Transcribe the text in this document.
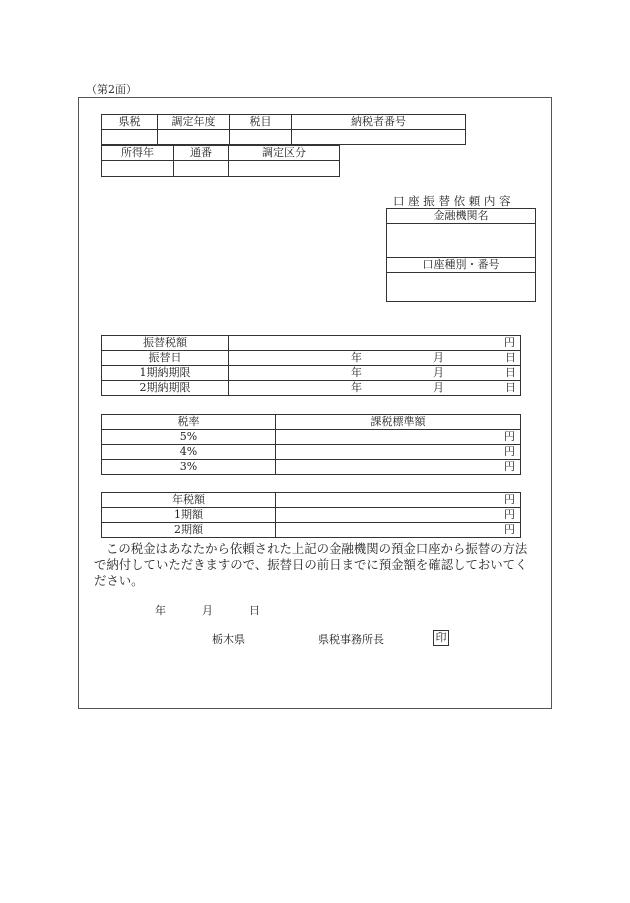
（第2面）
県税	調定年度	税目	納税者番号

所得年	通番	調定区分

口 座 振 替 依 頼 内 容
金融機関名

口座種別・番号

振替税額	円
振替日	年 月 日

1期納期限	年 月 日

2期納期限	年 月 日
税率	課税標準額
5%	円
4%	円
3%	円
年税額	円
1期額	円
2期額	円
この税金はあなたから依頼された上記の金融機関の預金口座から振替の方法で納付していただきますので、振替日の前日までに預金額を確認しておいてください。
年	月	日
栃木県	県税事務所長	印
